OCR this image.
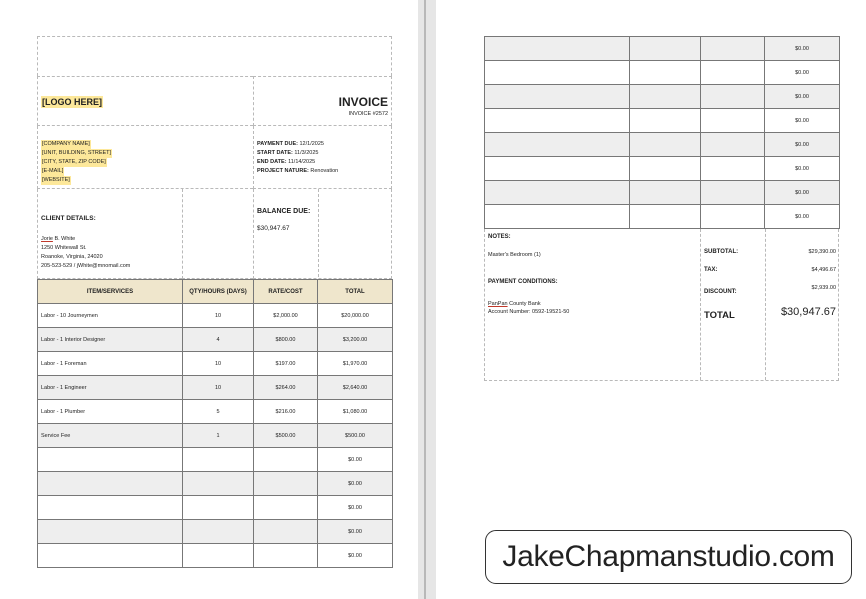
[LOGO HERE]	INVOICE
INVOICE #2572
[COMPANY NAME]
[UNIT, BUILDING, STREET]
[CITY, STATE, ZIP CODE]
[E-MAIL]
[WEBSITE]
PAYMENT DUE: 12/1/2025
START DATE: 11/3/2025
END DATE: 11/14/2025
PROJECT NATURE: Renovation
CLIENT DETAILS:
Jorie B. White
1250 Whitewall St.
Roanoke, Virginia, 24020
205-523-529 / jWhite@mnomail.com
BALANCE DUE:
$30,947.67
ITEM/SERVICES	QTY/HOURS (DAYS)	RATE/COST	TOTAL
Labor - 10 Journeymen	10	$2,000.00	$20,000.00
Labor - 1 Interior Designer	4	$800.00	$3,200.00
Labor - 1 Foreman	10	$197.00	$1,970.00
Labor - 1 Engineer	10	$264.00	$2,640.00
Labor - 1 Plumber	5	$216.00	$1,080.00
Service Fee	1	$500.00	$500.00
			$0.00
			$0.00
			$0.00
			$0.00
			$0.00
			$0.00
			$0.00
			$0.00
			$0.00
			$0.00
			$0.00
			$0.00
			$0.00
NOTES:
Master's Bedroom (1)
PAYMENT CONDITIONS:
PanPan County Bank
Account Number: 0592-19521-50
SUBTOTAL:	$29,390.00
TAX:	$4,496.67
DISCOUNT:
$2,939.00
TOTAL	$30,947.67
JakeChapmanstudio.com
